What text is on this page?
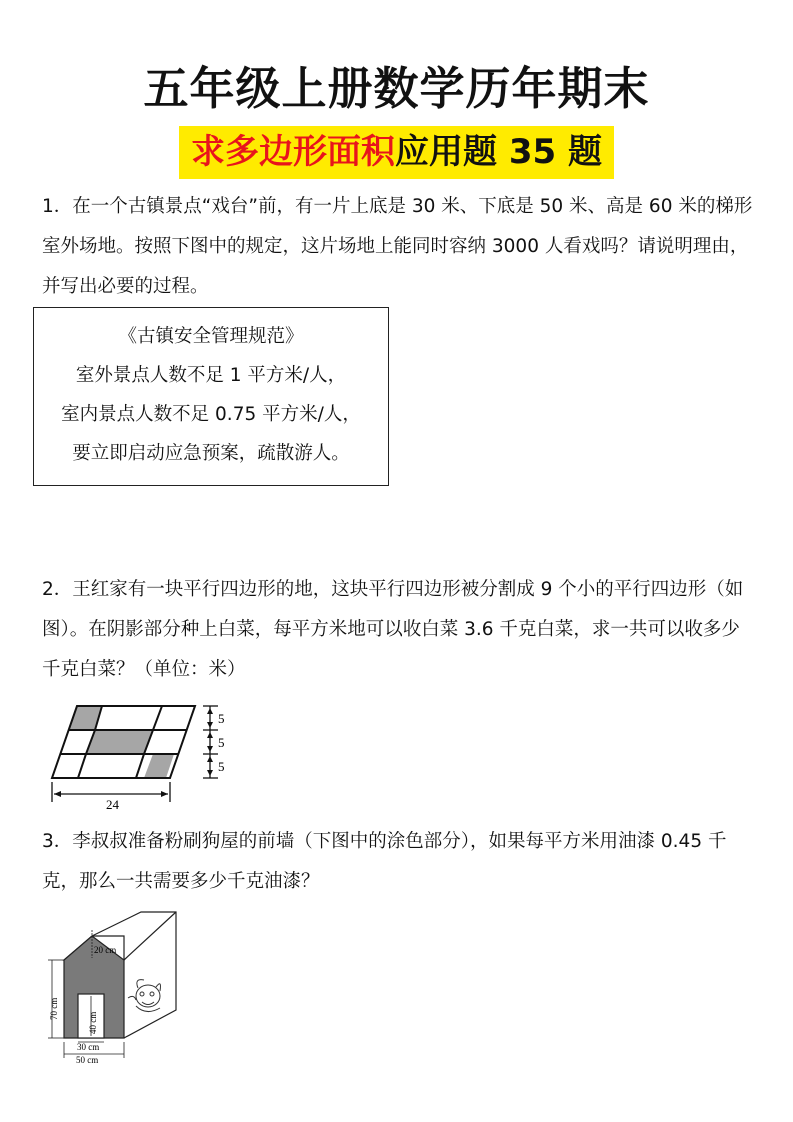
五年级上册数学历年期末
求多边形面积应用题 35 题
1．在一个古镇景点“戏台”前，有一片上底是 30 米、下底是 50 米、高是 60 米的梯形室外场地。按照下图中的规定，这片场地上能同时容纳 3000 人看戏吗？请说明理由，并写出必要的过程。
《古镇安全管理规范》
室外景点人数不足 1 平方米/人，
室内景点人数不足 0.75 平方米/人，
要立即启动应急预案，疏散游人。
2．王红家有一块平行四边形的地，这块平行四边形被分割成 9 个小的平行四边形（如图）。在阴影部分种上白菜，每平方米地可以收白菜 3.6 千克白菜，求一共可以收多少千克白菜？（单位：米）
5
5
5
24
3．李叔叔准备粉刷狗屋的前墙（下图中的涂色部分），如果每平方米用油漆 0.45 千克，那么一共需要多少千克油漆？
20 cm
70 cm
40 cm
30 cm
50 cm
